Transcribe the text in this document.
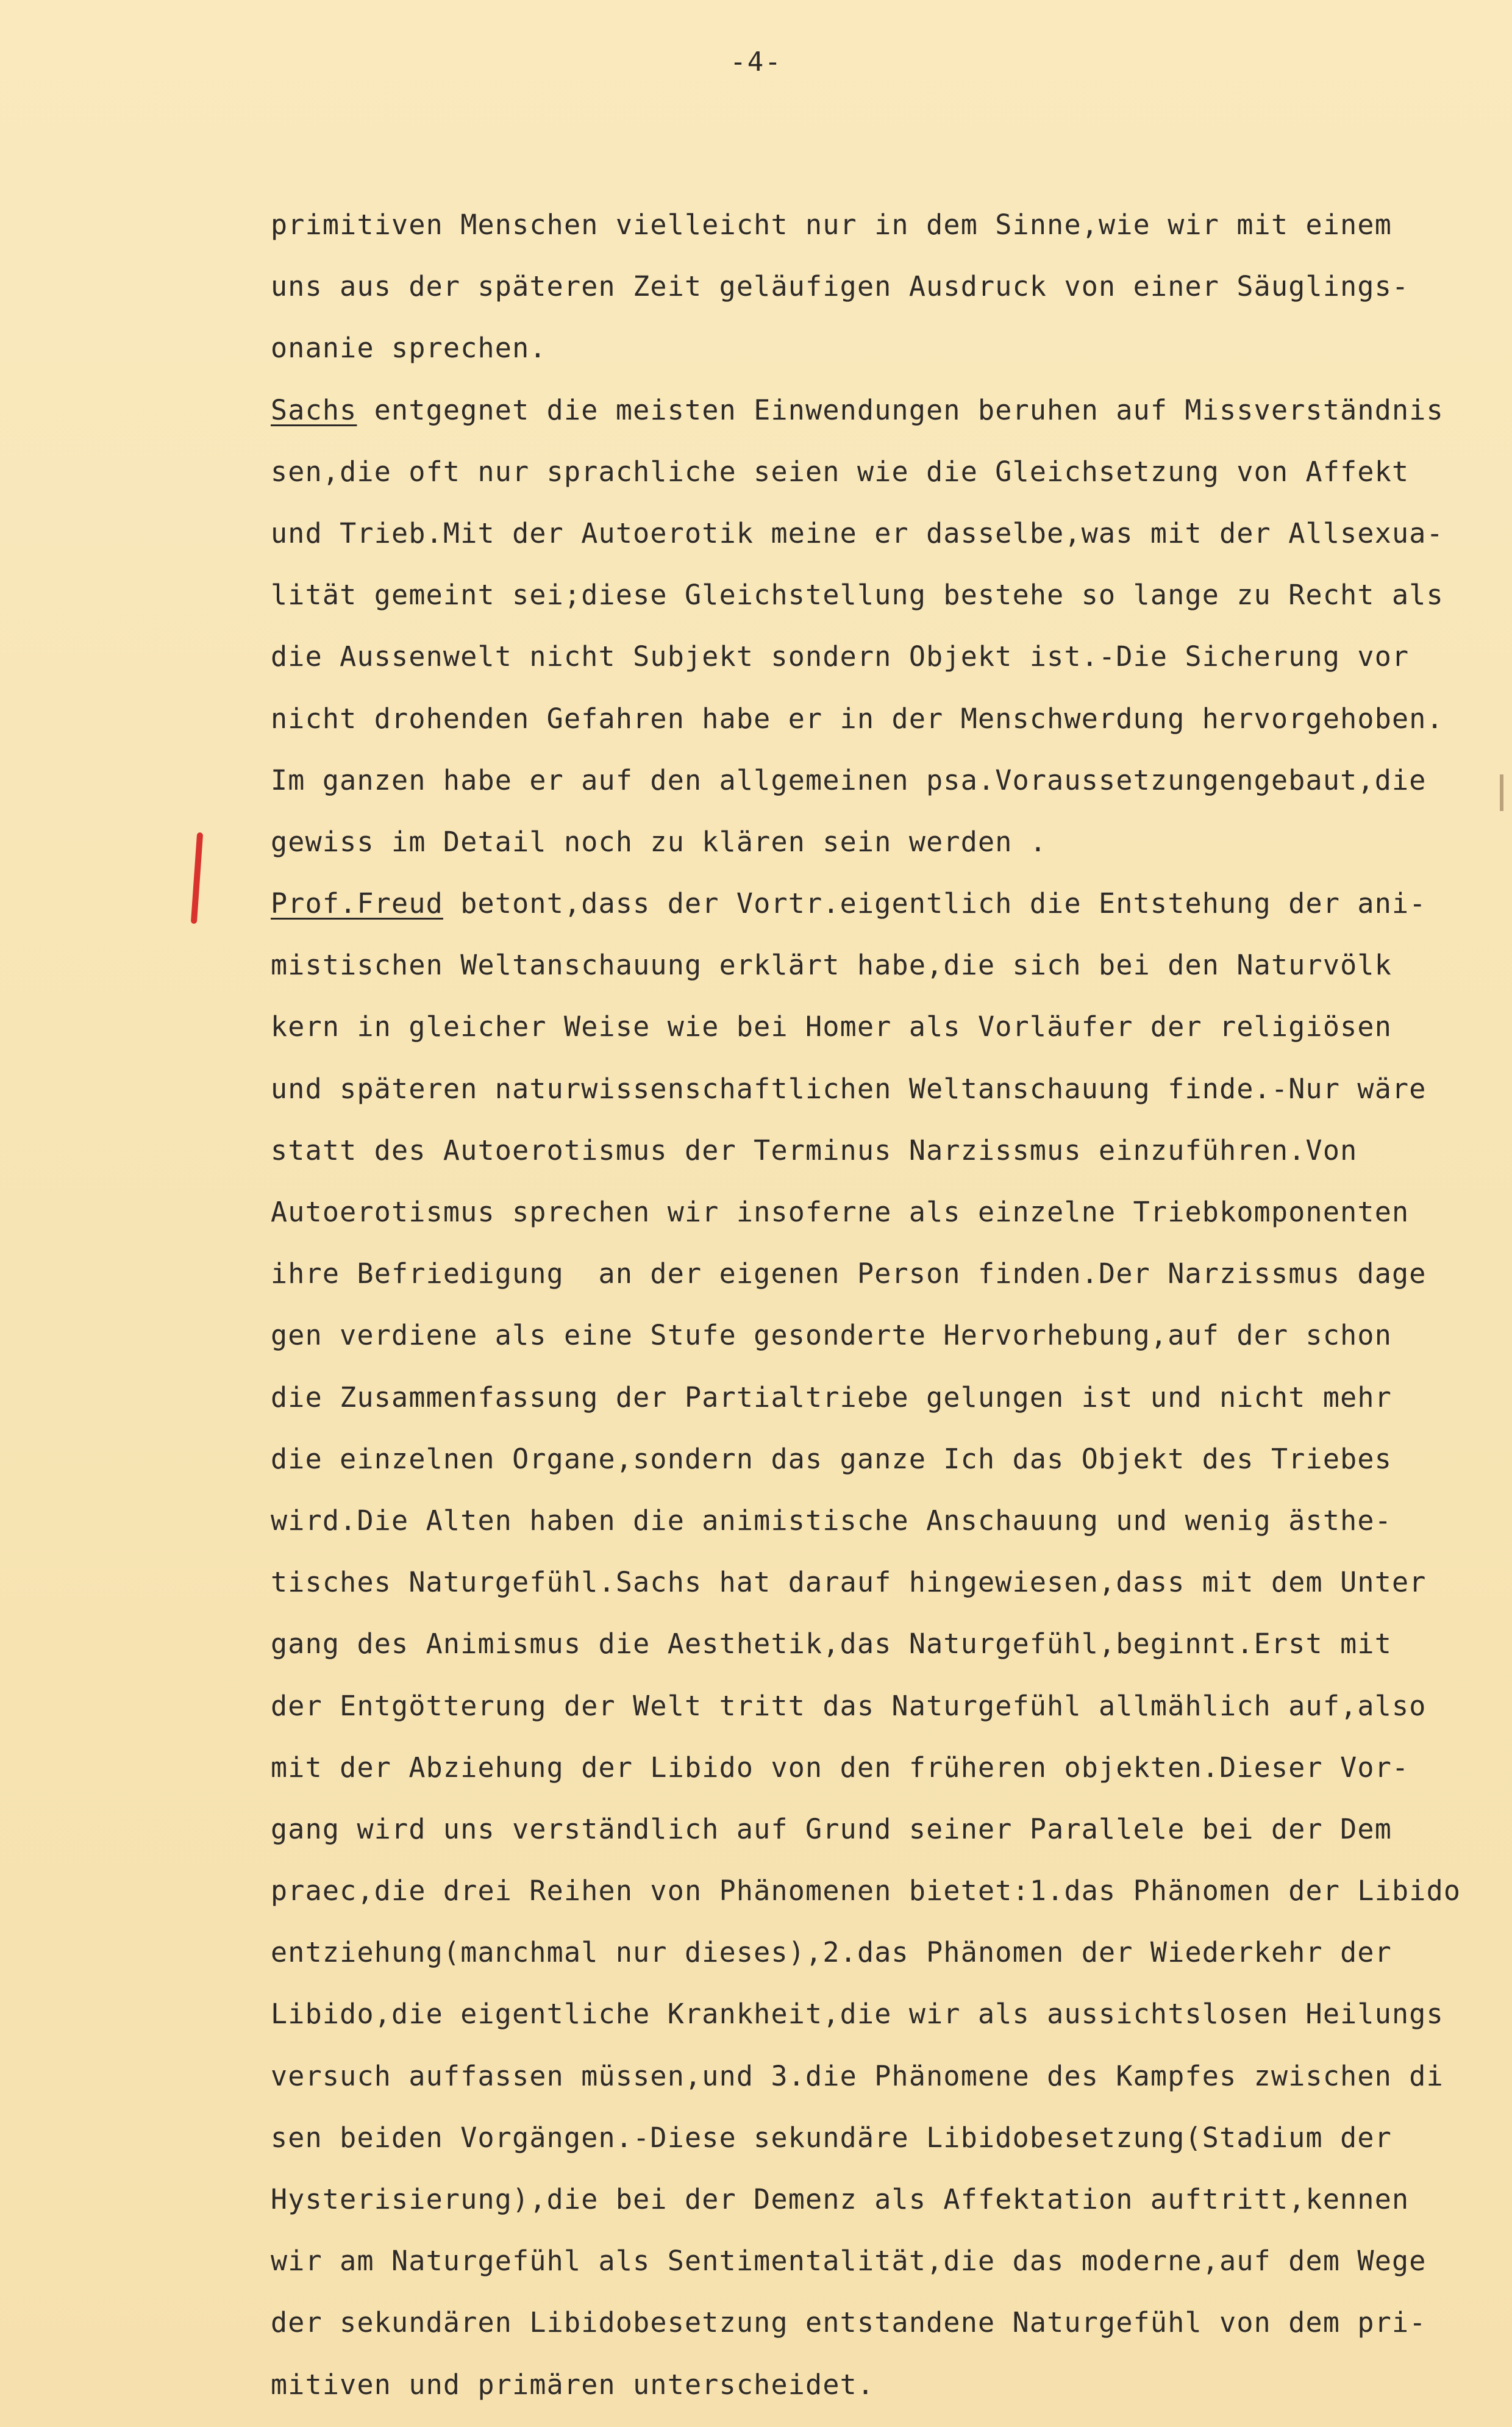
-4-
primitiven Menschen vielleicht nur in dem Sinne,wie wir mit einem
uns aus der späteren Zeit geläufigen Ausdruck von einer Säuglings-
onanie sprechen.
Sachs entgegnet die meisten Einwendungen beruhen auf Missverständnis
sen,die oft nur sprachliche seien wie die Gleichsetzung von Affekt
und Trieb.Mit der Autoerotik meine er dasselbe,was mit der Allsexua-
lität gemeint sei;diese Gleichstellung bestehe so lange zu Recht als
die Aussenwelt nicht Subjekt sondern Objekt ist.-Die Sicherung vor
nicht drohenden Gefahren habe er in der Menschwerdung hervorgehoben.
Im ganzen habe er auf den allgemeinen psa.Voraussetzungengebaut,die
gewiss im Detail noch zu klären sein werden .
Prof.Freud betont,dass der Vortr.eigentlich die Entstehung der ani-
mistischen Weltanschauung erklärt habe,die sich bei den Naturvölk
kern in gleicher Weise wie bei Homer als Vorläufer der religiösen
und späteren naturwissenschaftlichen Weltanschauung finde.-Nur wäre
statt des Autoerotismus der Terminus Narzissmus einzuführen.Von
Autoerotismus sprechen wir insoferne als einzelne Triebkomponenten
ihre Befriedigung  an der eigenen Person finden.Der Narzissmus dage
gen verdiene als eine Stufe gesonderte Hervorhebung,auf der schon
die Zusammenfassung der Partialtriebe gelungen ist und nicht mehr
die einzelnen Organe,sondern das ganze Ich das Objekt des Triebes
wird.Die Alten haben die animistische Anschauung und wenig ästhe-
tisches Naturgefühl.Sachs hat darauf hingewiesen,dass mit dem Unter
gang des Animismus die Aesthetik,das Naturgefühl,beginnt.Erst mit
der Entgötterung der Welt tritt das Naturgefühl allmählich auf,also
mit der Abziehung der Libido von den früheren objekten.Dieser Vor-
gang wird uns verständlich auf Grund seiner Parallele bei der Dem
praec,die drei Reihen von Phänomenen bietet:1.das Phänomen der Libido
entziehung(manchmal nur dieses),2.das Phänomen der Wiederkehr der
Libido,die eigentliche Krankheit,die wir als aussichtslosen Heilungs
versuch auffassen müssen,und 3.die Phänomene des Kampfes zwischen di
sen beiden Vorgängen.-Diese sekundäre Libidobesetzung(Stadium der
Hysterisierung),die bei der Demenz als Affektation auftritt,kennen
wir am Naturgefühl als Sentimentalität,die das moderne,auf dem Wege
der sekundären Libidobesetzung entstandene Naturgefühl von dem pri-
mitiven und primären unterscheidet.
